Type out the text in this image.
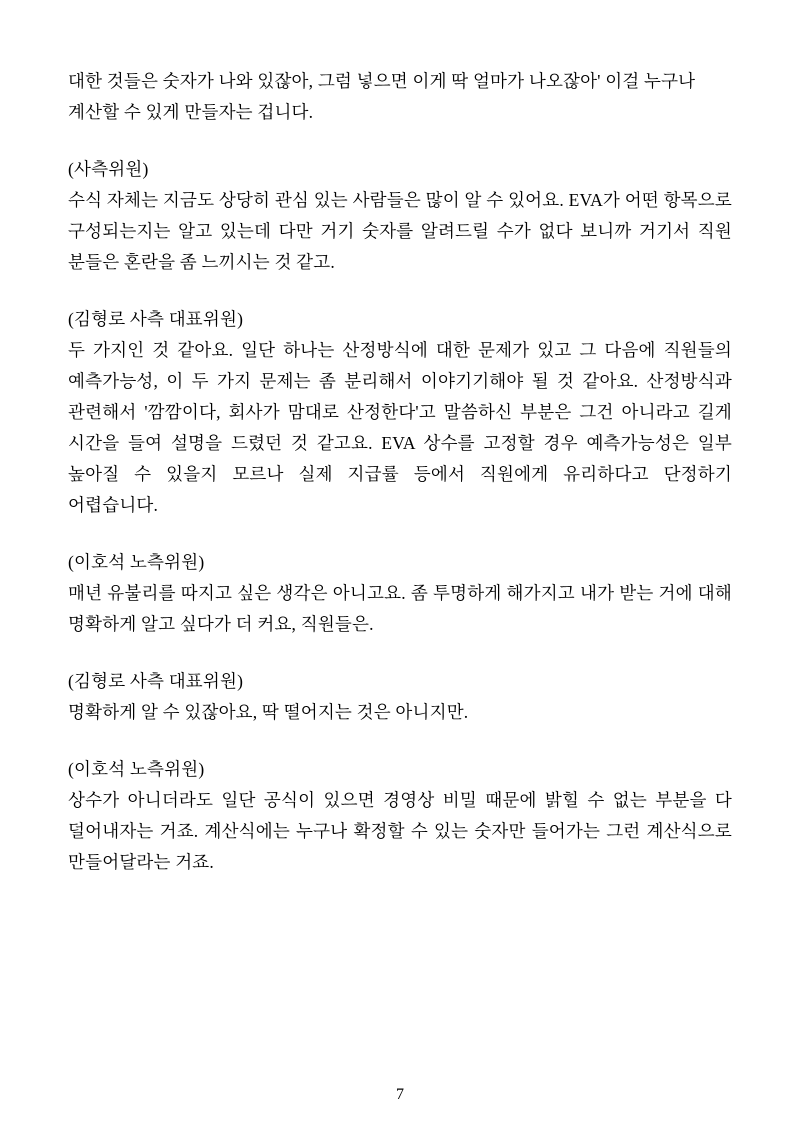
대한 것들은 숫자가 나와 있잖아, 그럼 넣으면 이게 딱 얼마가 나오잖아' 이걸 누구나 계산할 수 있게 만들자는 겁니다.
(사측위원)
수식 자체는 지금도 상당히 관심 있는 사람들은 많이 알 수 있어요. EVA가 어떤 항목으로 구성되는지는 알고 있는데 다만 거기 숫자를 알려드릴 수가 없다 보니까 거기서 직원 분들은 혼란을 좀 느끼시는 것 같고.
(김형로 사측 대표위원)
두 가지인 것 같아요. 일단 하나는 산정방식에 대한 문제가 있고 그 다음에 직원들의 예측가능성, 이 두 가지 문제는 좀 분리해서 이야기기해야 될 것 같아요. 산정방식과 관련해서 '깜깜이다, 회사가 맘대로 산정한다'고 말씀하신 부분은 그건 아니라고 길게 시간을 들여 설명을 드렸던 것 같고요. EVA 상수를 고정할 경우 예측가능성은 일부 높아질 수 있을지 모르나 실제 지급률 등에서 직원에게 유리하다고 단정하기 어렵습니다.
(이호석 노측위원)
매년 유불리를 따지고 싶은 생각은 아니고요. 좀 투명하게 해가지고 내가 받는 거에 대해 명확하게 알고 싶다가 더 커요, 직원들은.
(김형로 사측 대표위원)
명확하게 알 수 있잖아요, 딱 떨어지는 것은 아니지만.
(이호석 노측위원)
상수가 아니더라도 일단 공식이 있으면 경영상 비밀 때문에 밝힐 수 없는 부분을 다 덜어내자는 거죠. 계산식에는 누구나 확정할 수 있는 숫자만 들어가는 그런 계산식으로 만들어달라는 거죠.
7
